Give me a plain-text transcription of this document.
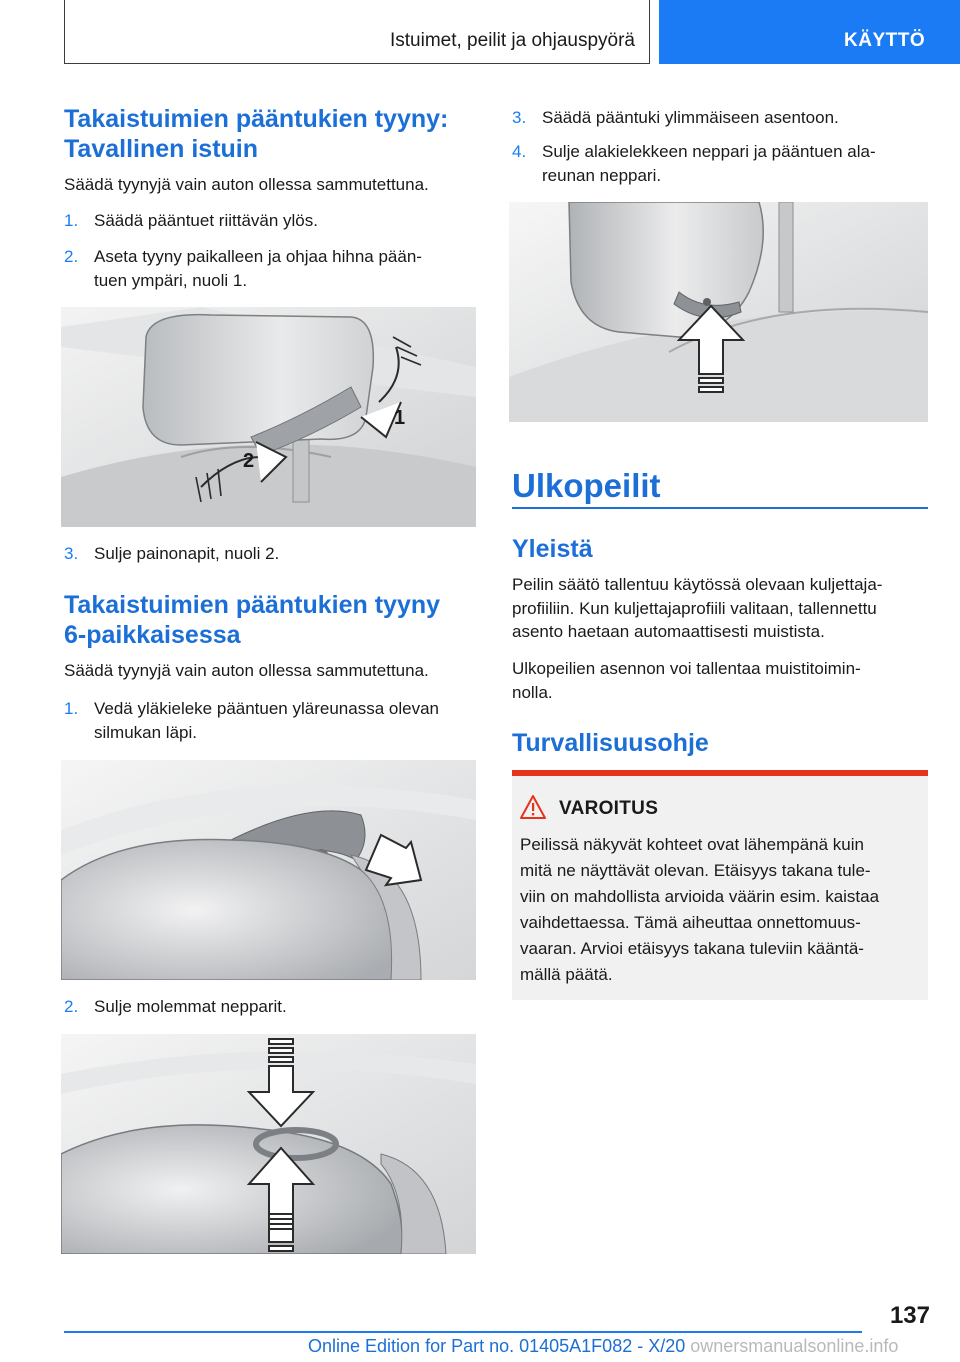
Istuimet, peilit ja ohjauspyörä	KÄYTTÖ
Takaistuimien pääntukien tyyny:
Tavallinen istuin
Säädä tyynyjä vain auton ollessa sammutettuna.
1. Säädä pääntuet riittävän ylös.
2. Aseta tyyny paikalleen ja ohjaa hihna pään-
tuen ympäri, nuoli 1.
1
2
3. Sulje painonapit, nuoli 2.
Takaistuimien pääntukien tyyny
6-paikkaisessa
Säädä tyynyjä vain auton ollessa sammutettuna.
1. Vedä yläkieleke pääntuen yläreunassa olevan
silmukan läpi.
2. Sulje molemmat nepparit.
3. Säädä pääntuki ylimmäiseen asentoon.
4. Sulje alakielekkeen neppari ja pääntuen ala-
reunan neppari.
Ulkopeilit
Yleistä
Peilin säätö tallentuu käytössä olevaan kuljettaja-
profiiliin. Kun kuljettajaprofiili valitaan, tallennettu
asento haetaan automaattisesti muistista.
Ulkopeilien asennon voi tallentaa muistitoimin-
nolla.
Turvallisuusohje
VAROITUS
Peilissä näkyvät kohteet ovat lähempänä kuin
mitä ne näyttävät olevan. Etäisyys takana tule-
viin on mahdollista arvioida väärin esim. kaistaa
vaihdettaessa. Tämä aiheuttaa onnettomuus-
vaaran. Arvioi etäisyys takana tuleviin kääntä-
mällä päätä.
137
Online Edition for Part no. 01405A1F082 - X/20 ownersmanualsonline.info
